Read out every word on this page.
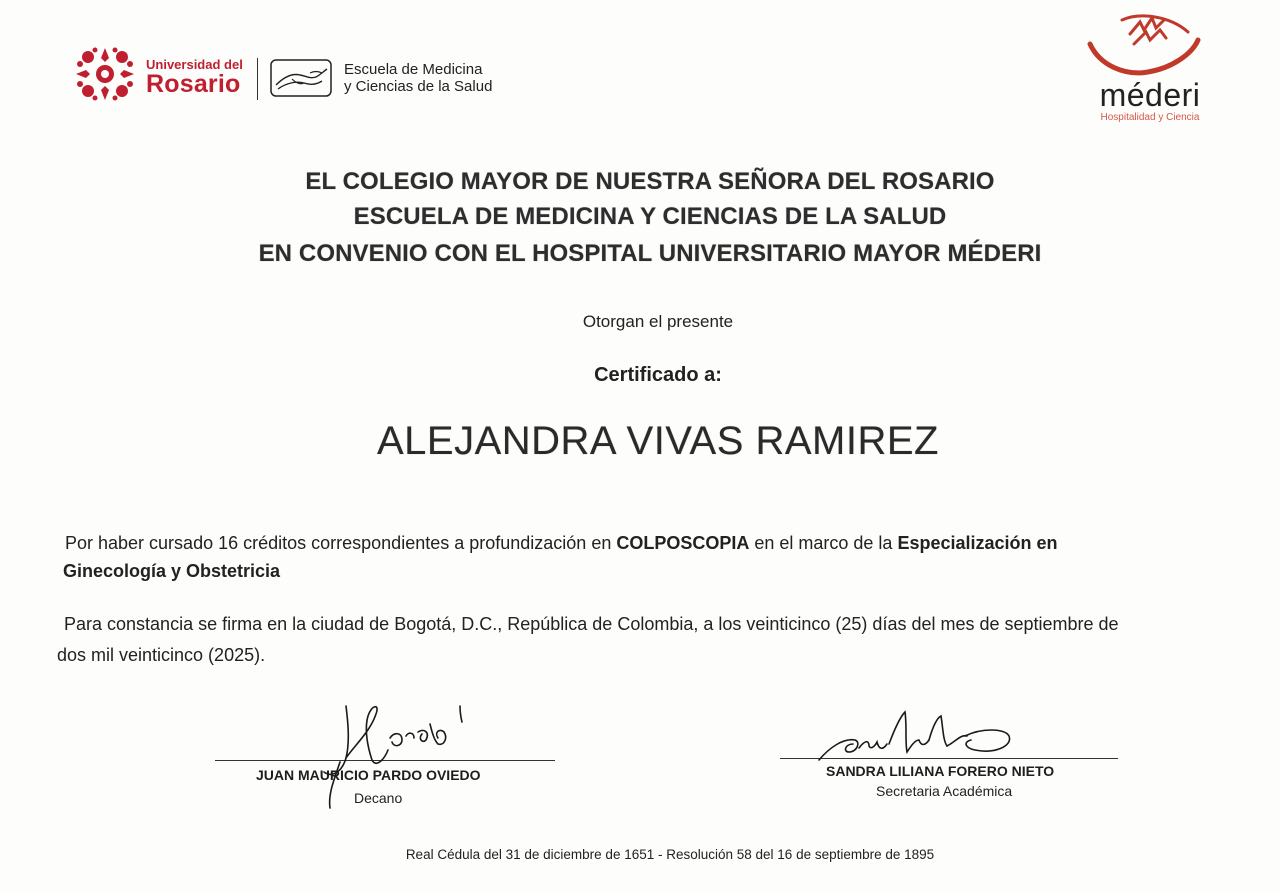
Universidad del
Rosario
Escuela de Medicina
y Ciencias de la Salud	méderi
Hospitalidad y Ciencia
EL COLEGIO MAYOR DE NUESTRA SEÑORA DEL ROSARIO
ESCUELA DE MEDICINA Y CIENCIAS DE LA SALUD
EN CONVENIO CON EL HOSPITAL UNIVERSITARIO MAYOR MÉDERI
Otorgan el presente
Certificado a:
ALEJANDRA VIVAS RAMIREZ
Por haber cursado 16 créditos correspondientes a profundización en COLPOSCOPIA en el marco de la Especialización en
Ginecología y Obstetricia
Para constancia se firma en la ciudad de Bogotá, D.C., República de Colombia, a los veinticinco (25) días del mes de septiembre de
dos mil veinticinco (2025).
JUAN MAURICIO PARDO OVIEDO
Decano
SANDRA LILIANA FORERO NIETO
Secretaria Académica
Real Cédula del 31 de diciembre de 1651 - Resolución 58 del 16 de septiembre de 1895
